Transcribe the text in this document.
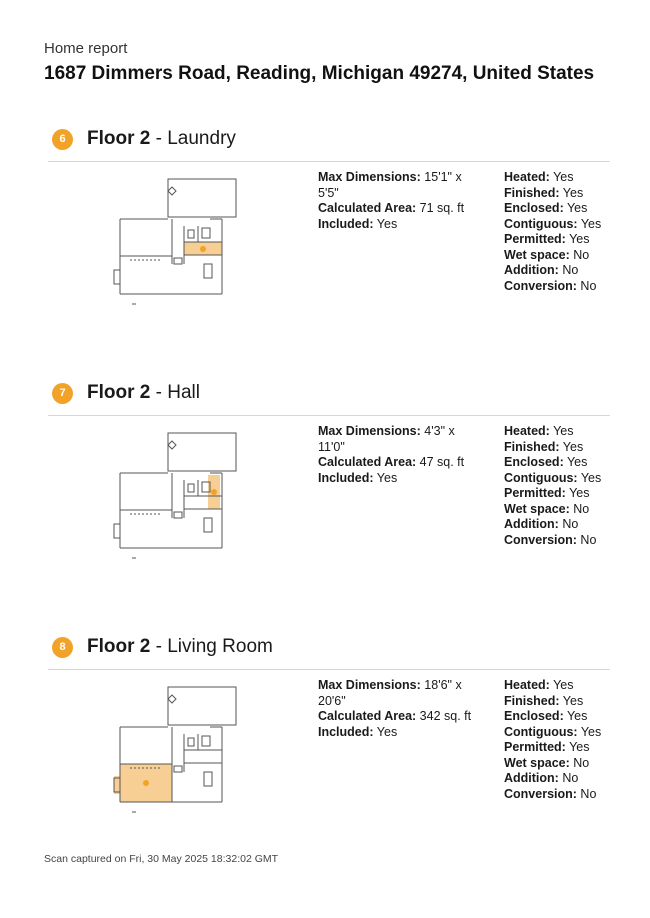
Home report
1687 Dimmers Road, Reading, Michigan 49274, United States
6	Floor 2 - Laundry
Max Dimensions: 15'1" x 5'5"
Calculated Area: 71 sq. ft
Included: Yes
Heated: Yes
Finished: Yes
Enclosed: Yes
Contiguous: Yes
Permitted: Yes
Wet space: No
Addition: No
Conversion: No
7	Floor 2 - Hall
Max Dimensions: 4'3" x 11'0"
Calculated Area: 47 sq. ft
Included: Yes
Heated: Yes
Finished: Yes
Enclosed: Yes
Contiguous: Yes
Permitted: Yes
Wet space: No
Addition: No
Conversion: No
8	Floor 2 - Living Room
Max Dimensions: 18'6" x 20'6"
Calculated Area: 342 sq. ft
Included: Yes
Heated: Yes
Finished: Yes
Enclosed: Yes
Contiguous: Yes
Permitted: Yes
Wet space: No
Addition: No
Conversion: No
Scan captured on Fri, 30 May 2025 18:32:02 GMT
